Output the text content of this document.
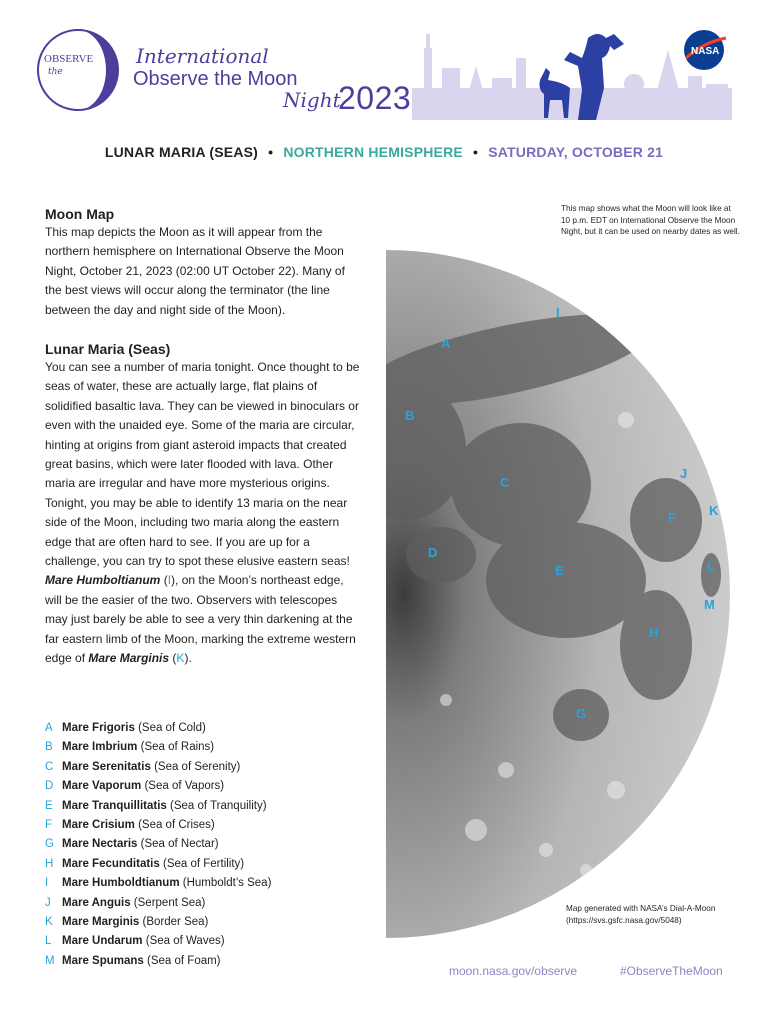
OBSERVE
the
MOON
International
Observe the Moon
Night
2023
NASA
LUNAR MARIA (SEAS) • NORTHERN HEMISPHERE • SATURDAY, OCTOBER 21
Moon Map

This map depicts the Moon as it will appear from the northern hemisphere on International Observe the Moon Night, October 21, 2023 (02:00 UT October 22). Many of the best views will occur along the terminator (the line between the day and night side of the Moon).

Lunar Maria (Seas)

You can see a number of maria tonight. Once thought to be seas of water, these are actually large, flat plains of solidified basaltic lava. They can be viewed in binoculars or even with the unaided eye. Some of the maria are circular, hinting at origins from giant asteroid impacts that created great basins, which were later flooded with lava. Other maria are irregular and have more mysterious origins. Tonight, you may be able to identify 13 maria on the near side of the Moon, including two maria along the eastern edge that are often hard to see. If you are up for a challenge, you can try to spot these elusive eastern seas! Mare Humboltianum (I), on the Moon’s northeast edge, will be the easier of the two. Observers with telescopes may just barely be able to see a very thin darkening at the far eastern limb of the Moon, marking the extreme western edge of Mare Marginis (K).

A Mare Frigoris (Sea of Cold)
B Mare Imbrium (Sea of Rains)
C Mare Serenitatis (Sea of Serenity)
D Mare Vaporum (Sea of Vapors)
E Mare Tranquillitatis (Sea of Tranquility)
F Mare Crisium (Sea of Crises)
G Mare Nectaris (Sea of Nectar)
H Mare Fecunditatis (Sea of Fertility)
I Mare Humboldtianum (Humboldt’s Sea)
J Mare Anguis (Serpent Sea)
K Mare Marginis (Border Sea)
L Mare Undarum (Sea of Waves)
M Mare Spumans (Sea of Foam)
This map shows what the Moon will look like at 10 p.m. EDT on International Observe the Moon Night, but it can be used on nearby dates as well.
A
B
C
D
E
F
G
H
I
J
K
L
M
Map generated with NASA’s Dial-A-Moon (https://svs.gsfc.nasa.gov/5048)
moon.nasa.gov/observe	#ObserveTheMoon
